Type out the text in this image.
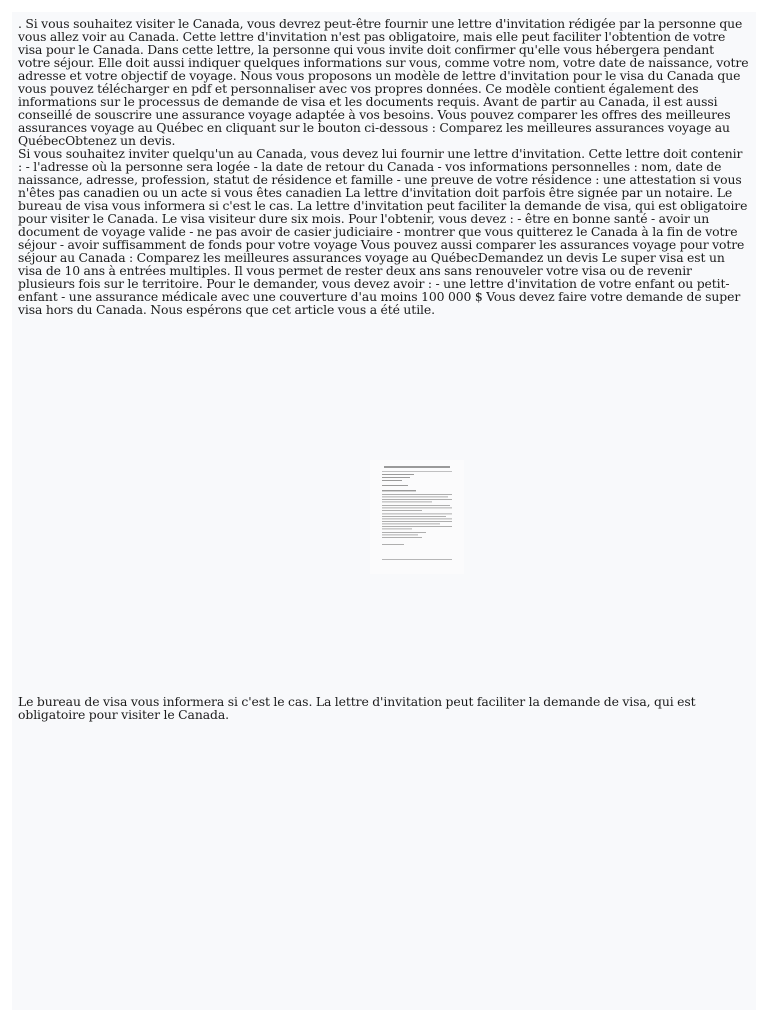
. Si vous souhaitez visiter le Canada, vous devrez peut-être fournir une lettre d'invitation rédigée par la personne que vous allez voir au Canada. Cette lettre d'invitation n'est pas obligatoire, mais elle peut faciliter l'obtention de votre visa pour le Canada. Dans cette lettre, la personne qui vous invite doit confirmer qu'elle vous hébergera pendant votre séjour. Elle doit aussi indiquer quelques informations sur vous, comme votre nom, votre date de naissance, votre adresse et votre objectif de voyage. Nous vous proposons un modèle de lettre d'invitation pour le visa du Canada que vous pouvez télécharger en pdf et personnaliser avec vos propres données. Ce modèle contient également des informations sur le processus de demande de visa et les documents requis. Avant de partir au Canada, il est aussi conseillé de souscrire une assurance voyage adaptée à vos besoins. Vous pouvez comparer les offres des meilleures assurances voyage au Québec en cliquant sur le bouton ci-dessous : Comparez les meilleures assurances voyage au QuébecObtenez un devis.

Si vous souhaitez inviter quelqu'un au Canada, vous devez lui fournir une lettre d'invitation. Cette lettre doit contenir : - l'adresse où la personne sera logée - la date de retour du Canada - vos informations personnelles : nom, date de naissance, adresse, profession, statut de résidence et famille - une preuve de votre résidence : une attestation si vous n'êtes pas canadien ou un acte si vous êtes canadien La lettre d'invitation doit parfois être signée par un notaire. Le bureau de visa vous informera si c'est le cas. La lettre d'invitation peut faciliter la demande de visa, qui est obligatoire pour visiter le Canada. Le visa visiteur dure six mois. Pour l'obtenir, vous devez : - être en bonne santé - avoir un document de voyage valide - ne pas avoir de casier judiciaire - montrer que vous quitterez le Canada à la fin de votre séjour - avoir suffisamment de fonds pour votre voyage Vous pouvez aussi comparer les assurances voyage pour votre séjour au Canada : Comparez les meilleures assurances voyage au QuébecDemandez un devis Le super visa est un visa de 10 ans à entrées multiples. Il vous permet de rester deux ans sans renouveler votre visa ou de revenir plusieurs fois sur le territoire. Pour le demander, vous devez avoir : - une lettre d'invitation de votre enfant ou petit-enfant - une assurance médicale avec une couverture d'au moins 100 000 $ Vous devez faire votre demande de super visa hors du Canada. Nous espérons que cet article vous a été utile.

Le bureau de visa vous informera si c'est le cas. La lettre d'invitation peut faciliter la demande de visa, qui est obligatoire pour visiter le Canada.
